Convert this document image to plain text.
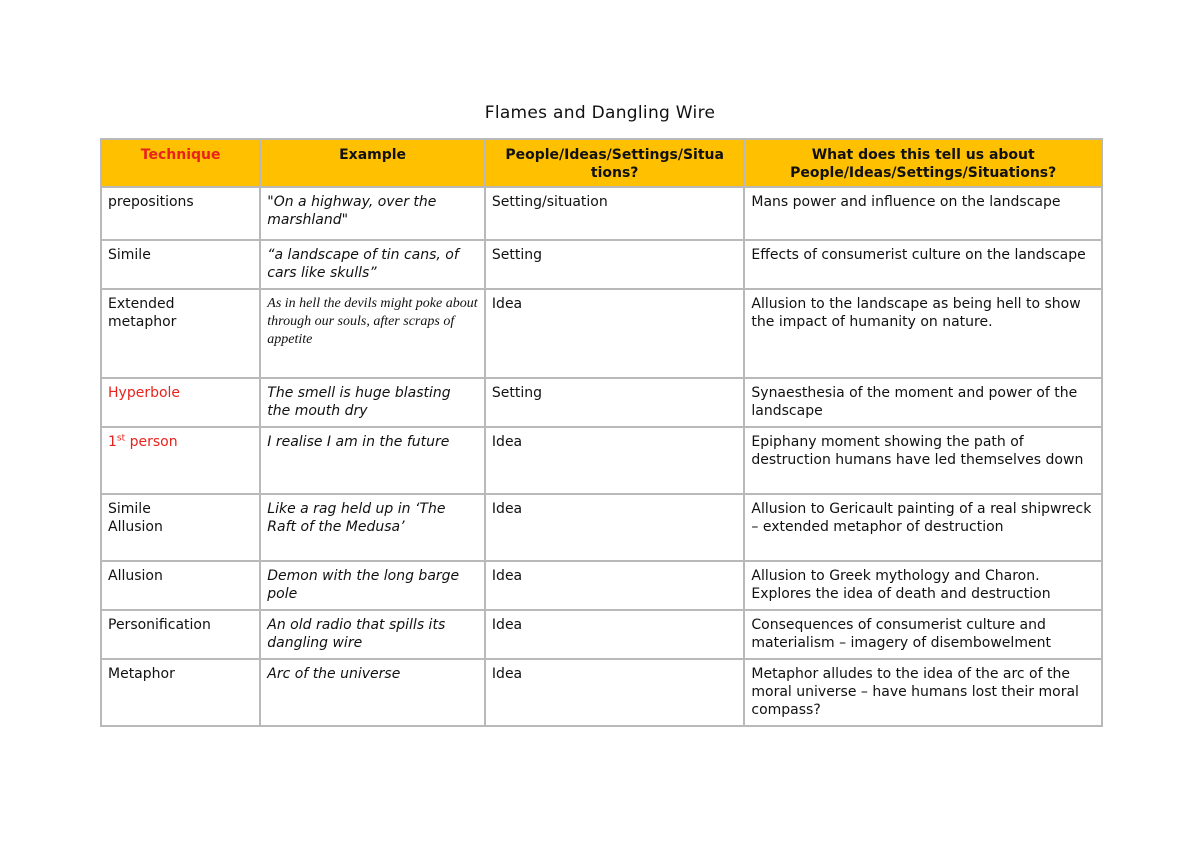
Flames and Dangling Wire
Technique	Example	People/Ideas/Settings/Situa
tions?	What does this tell us about
People/Ideas/Settings/Situations?
prepositions	"On a highway, over the marshland"	Setting/situation	Mans power and influence on the landscape
Simile	“a landscape of tin cans, of cars like skulls”	Setting	Effects of consumerist culture on the landscape
Extended
metaphor	As in hell the devils might poke about through our souls, after scraps of appetite	Idea	Allusion to the landscape as being hell to show the impact of humanity on nature.
Hyperbole	The smell is huge blasting the mouth dry	Setting	Synaesthesia of the moment and power of the landscape
1st person	I realise I am in the future	Idea	Epiphany moment showing the path of destruction humans have led themselves down
Simile
Allusion	Like a rag held up in ‘The Raft of the Medusa’	Idea	Allusion to Gericault painting of a real shipwreck – extended metaphor of destruction
Allusion	Demon with the long barge pole	Idea	Allusion to Greek mythology and Charon. Explores the idea of death and destruction
Personification	An old radio that spills its dangling wire	Idea	Consequences of consumerist culture and materialism – imagery of disembowelment
Metaphor	Arc of the universe	Idea	Metaphor alludes to the idea of the arc of the moral universe – have humans lost their moral compass?
